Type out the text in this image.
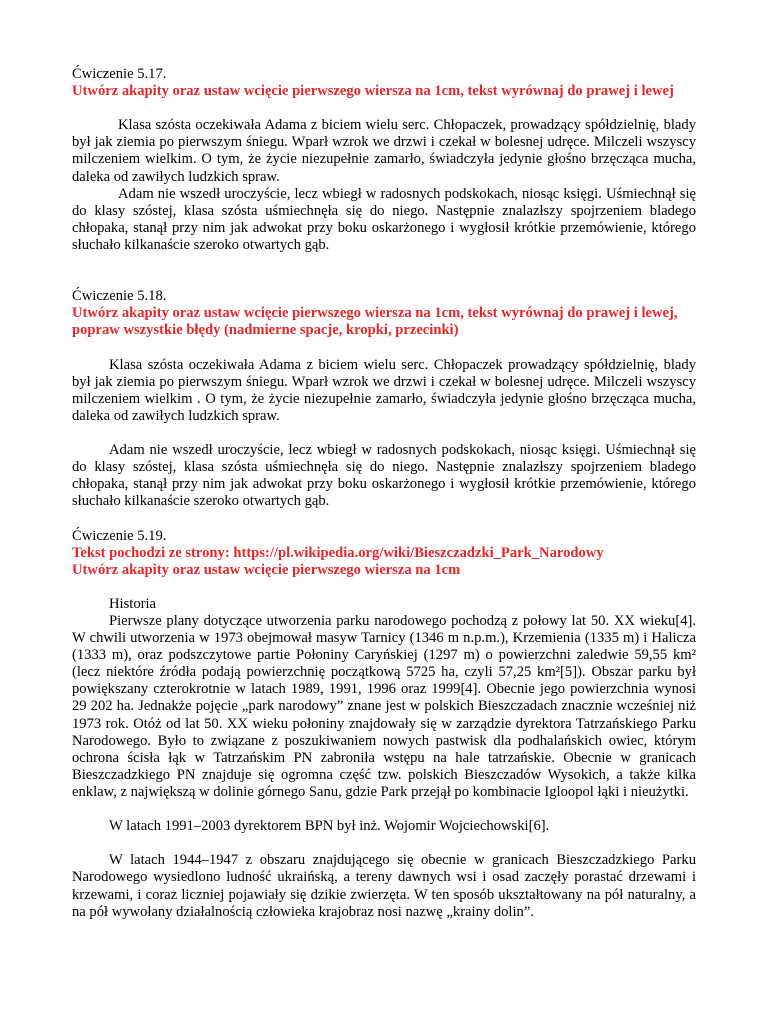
Ćwiczenie 5.17.

Utwórz akapity oraz ustaw wcięcie pierwszego wiersza na 1cm, tekst wyrównaj do prawej i lewej

Klasa szósta oczekiwała Adama z biciem wielu serc. Chłopaczek, prowadzący spółdzielnię, blady był jak ziemia po pierwszym śniegu. Wparł wzrok we drzwi i czekał w bolesnej udręce. Milczeli wszyscy milczeniem wielkim. O tym, że życie niezupełnie zamarło, świadczyła jedynie głośno brzęcząca mucha, daleka od zawiłych ludzkich spraw.

Adam nie wszedł uroczyście, lecz wbiegł w radosnych podskokach, niosąc księgi. Uśmiechnął się do klasy szóstej, klasa szósta uśmiechnęła się do niego. Następnie znalazłszy spojrzeniem bladego chłopaka, stanął przy nim jak adwokat przy boku oskarżonego i wygłosił krótkie przemówienie, którego słuchało kilkanaście szeroko otwartych gąb.

Ćwiczenie 5.18.

Utwórz akapity oraz ustaw wcięcie pierwszego wiersza na 1cm, tekst wyrównaj do prawej i lewej, popraw wszystkie błędy (nadmierne spacje, kropki, przecinki)

Klasa szósta oczekiwała Adama z biciem wielu serc. Chłopaczek prowadzący spółdzielnię, blady był jak ziemia po pierwszym śniegu. Wparł wzrok we drzwi i czekał w bolesnej udręce. Milczeli wszyscy milczeniem wielkim . O tym, że życie niezupełnie zamarło, świadczyła jedynie głośno brzęcząca mucha, daleka od zawiłych ludzkich spraw.

Adam nie wszedł uroczyście, lecz wbiegł w radosnych podskokach, niosąc księgi. Uśmiechnął się do klasy szóstej, klasa szósta uśmiechnęła się do niego. Następnie znalazłszy spojrzeniem bladego chłopaka, stanął przy nim jak adwokat przy boku oskarżonego i wygłosił krótkie przemówienie, którego słuchało kilkanaście szeroko otwartych gąb.

Ćwiczenie 5.19.

Tekst pochodzi ze strony: https://pl.wikipedia.org/wiki/Bieszczadzki_Park_Narodowy

Utwórz akapity oraz ustaw wcięcie pierwszego wiersza na 1cm

Historia

Pierwsze plany dotyczące utworzenia parku narodowego pochodzą z połowy lat 50. XX wieku[4]. W chwili utworzenia w 1973 obejmował masyw Tarnicy (1346 m n.p.m.), Krzemienia (1335 m) i Halicza (1333 m), oraz podszczytowe partie Połoniny Caryńskiej (1297 m) o powierzchni zaledwie 59,55 km² (lecz niektóre źródła podają powierzchnię początkową 5725 ha, czyli 57,25 km²[5]). Obszar parku był powiększany czterokrotnie w latach 1989, 1991, 1996 oraz 1999[4]. Obecnie jego powierzchnia wynosi 29 202 ha. Jednakże pojęcie „park narodowy” znane jest w polskich Bieszczadach znacznie wcześniej niż 1973 rok. Otóż od lat 50. XX wieku połoniny znajdowały się w zarządzie dyrektora Tatrzańskiego Parku Narodowego. Było to związane z poszukiwaniem nowych pastwisk dla podhalańskich owiec, którym ochrona ścisła łąk w Tatrzańskim PN zabroniła wstępu na hale tatrzańskie. Obecnie w granicach Bieszczadzkiego PN znajduje się ogromna część tzw. polskich Bieszczadów Wysokich, a także kilka enklaw, z największą w dolinie górnego Sanu, gdzie Park przejął po kombinacie Igloopol łąki i nieużytki.

W latach 1991–2003 dyrektorem BPN był inż. Wojomir Wojciechowski[6].

W latach 1944–1947 z obszaru znajdującego się obecnie w granicach Bieszczadzkiego Parku Narodowego wysiedlono ludność ukraińską, a tereny dawnych wsi i osad zaczęły porastać drzewami i krzewami, i coraz liczniej pojawiały się dzikie zwierzęta. W ten sposób ukształtowany na pół naturalny, a na pół wywołany działalnością człowieka krajobraz nosi nazwę „krainy dolin”.
